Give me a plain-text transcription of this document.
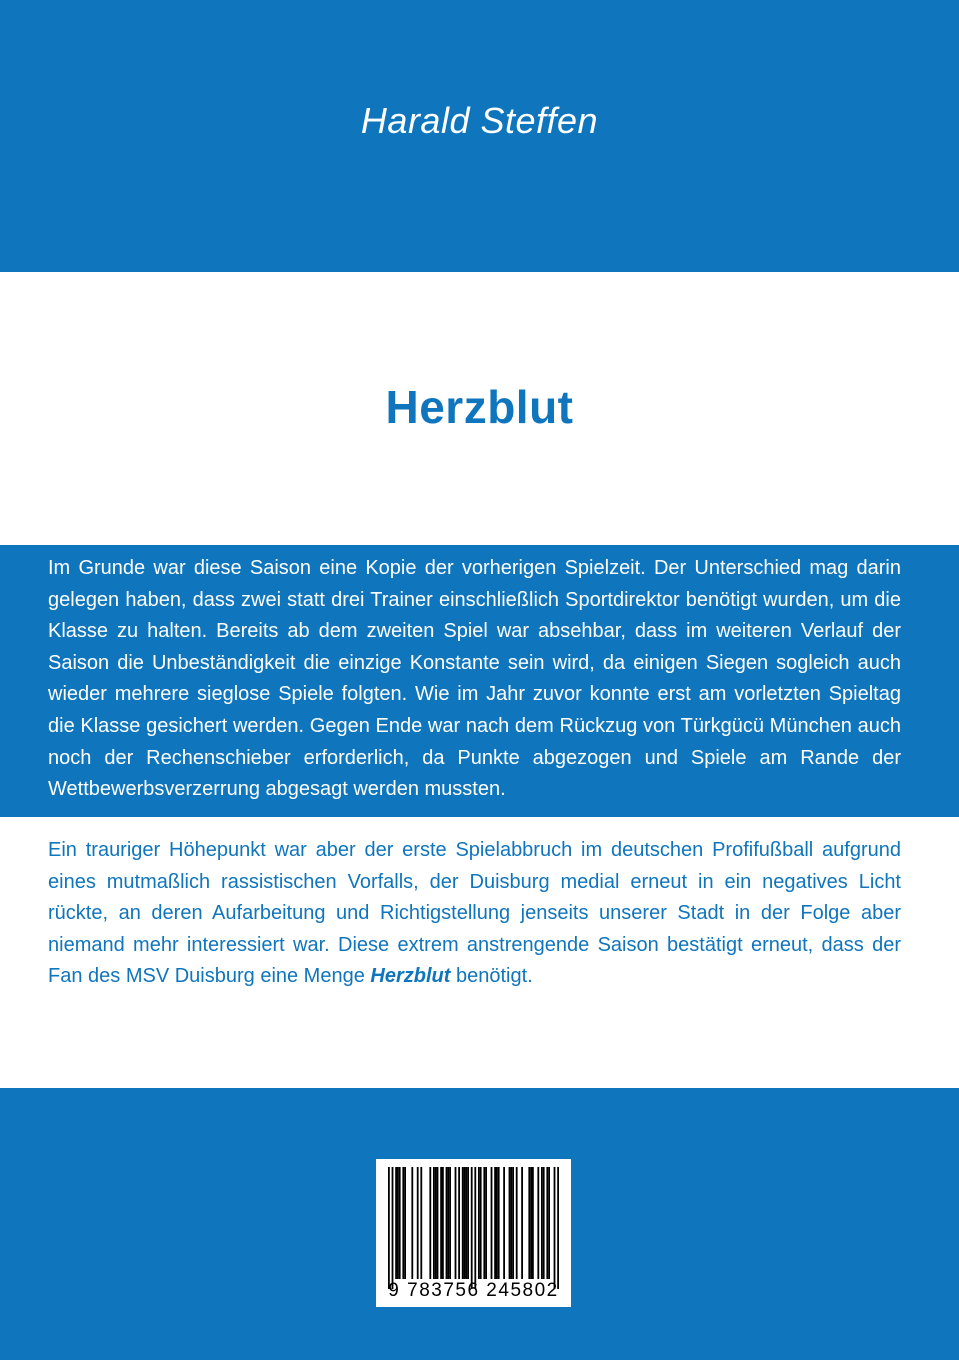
Harald Steffen
Herzblut

Im Grunde war diese Saison eine Kopie der vorherigen Spielzeit. Der Unterschied mag darin gelegen haben, dass zwei statt drei Trainer einschließlich Sportdirektor benötigt wurden, um die Klasse zu halten. Bereits ab dem zweiten Spiel war absehbar, dass im weiteren Verlauf der Saison die Unbeständigkeit die einzige Konstante sein wird, da einigen Siegen sogleich auch wieder mehrere sieglose Spiele folgten. Wie im Jahr zuvor konnte erst am vorletzten Spieltag die Klasse gesichert werden. Gegen Ende war nach dem Rückzug von Türkgücü München auch noch der Rechenschieber erforderlich, da Punkte abgezogen und Spiele am Rande der Wettbewerbsverzerrung abgesagt werden mussten.

Ein trauriger Höhepunkt war aber der erste Spielabbruch im deutschen Profifußball aufgrund eines mutmaßlich rassistischen Vorfalls, der Duisburg medial erneut in ein negatives Licht rückte, an deren Aufarbeitung und Richtigstellung jenseits unserer Stadt in der Folge aber niemand mehr interessiert war. Diese extrem anstrengende Saison bestätigt erneut, dass der Fan des MSV Duisburg eine Menge Herzblut benötigt.

9 783756 245802
